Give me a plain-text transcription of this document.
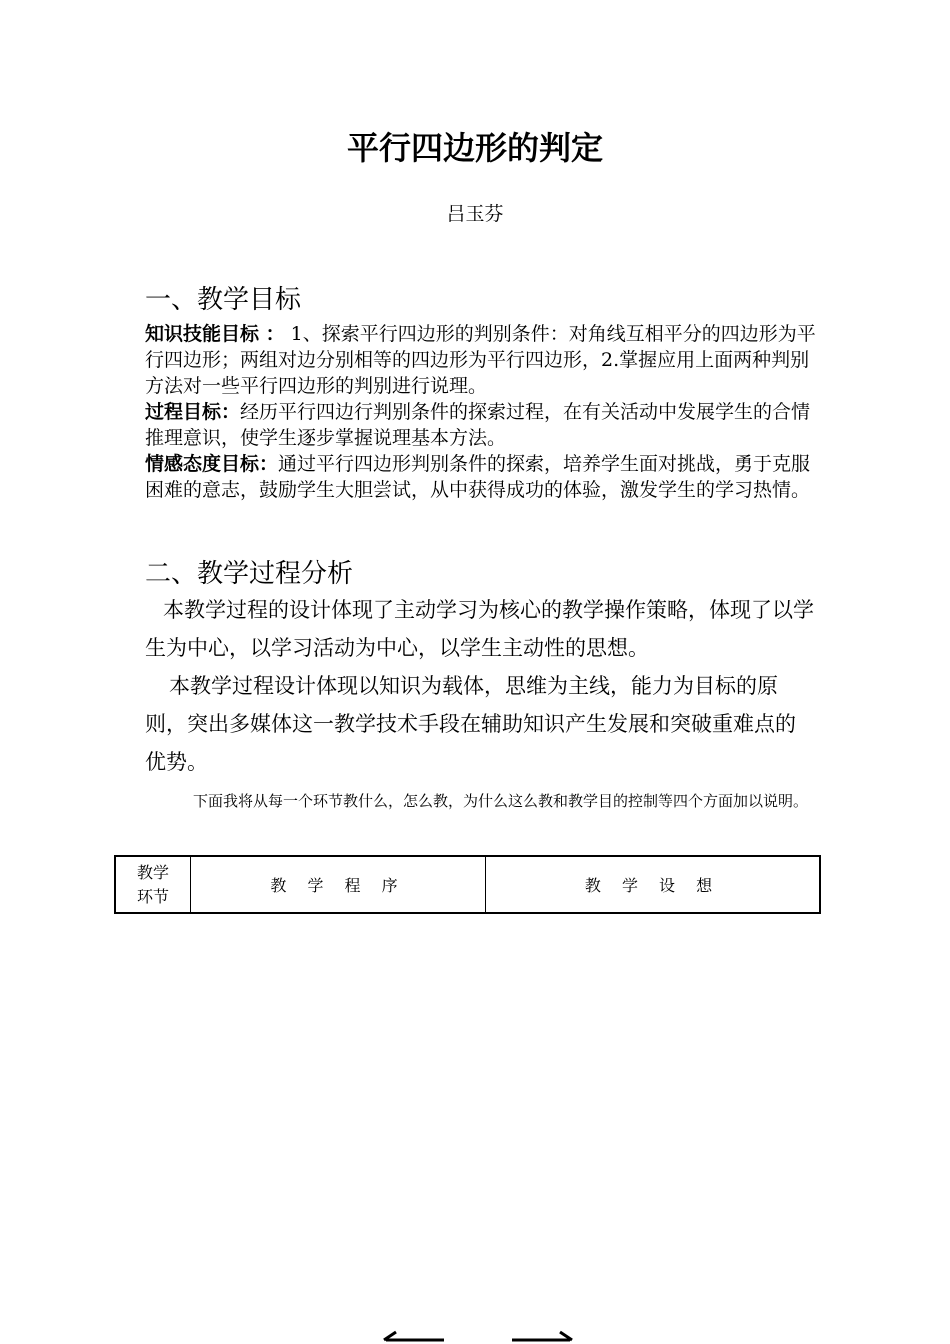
平行四边形的判定
吕玉芬
一、教学目标

知识技能目标 ： 1、探索平行四边形的判别条件：对角线互相平分的四边形为平行四边形；两组对边分别相等的四边形为平行四边形，2.掌握应用上面两种判别方法对一些平行四边形的判别进行说理。

过程目标：经历平行四边行判别条件的探索过程，在有关活动中发展学生的合情推理意识，使学生逐步掌握说理基本方法。

情感态度目标：通过平行四边形判别条件的探索，培养学生面对挑战，勇于克服困难的意志，鼓励学生大胆尝试，从中获得成功的体验，激发学生的学习热情。

二、教学过程分析

本教学过程的设计体现了主动学习为核心的教学操作策略，体现了以学生为中心，以学习活动为中心，以学生主动性的思想。

本教学过程设计体现以知识为载体，思维为主线，能力为目标的原则，突出多媒体这一教学技术手段在辅助知识产生发展和突破重难点的优势。

下面我将从每一个环节教什么，怎么教，为什么这么教和教学目的控制等四个方面加以说明。

教学
环节
教 学 程 序	教 学 设 想
